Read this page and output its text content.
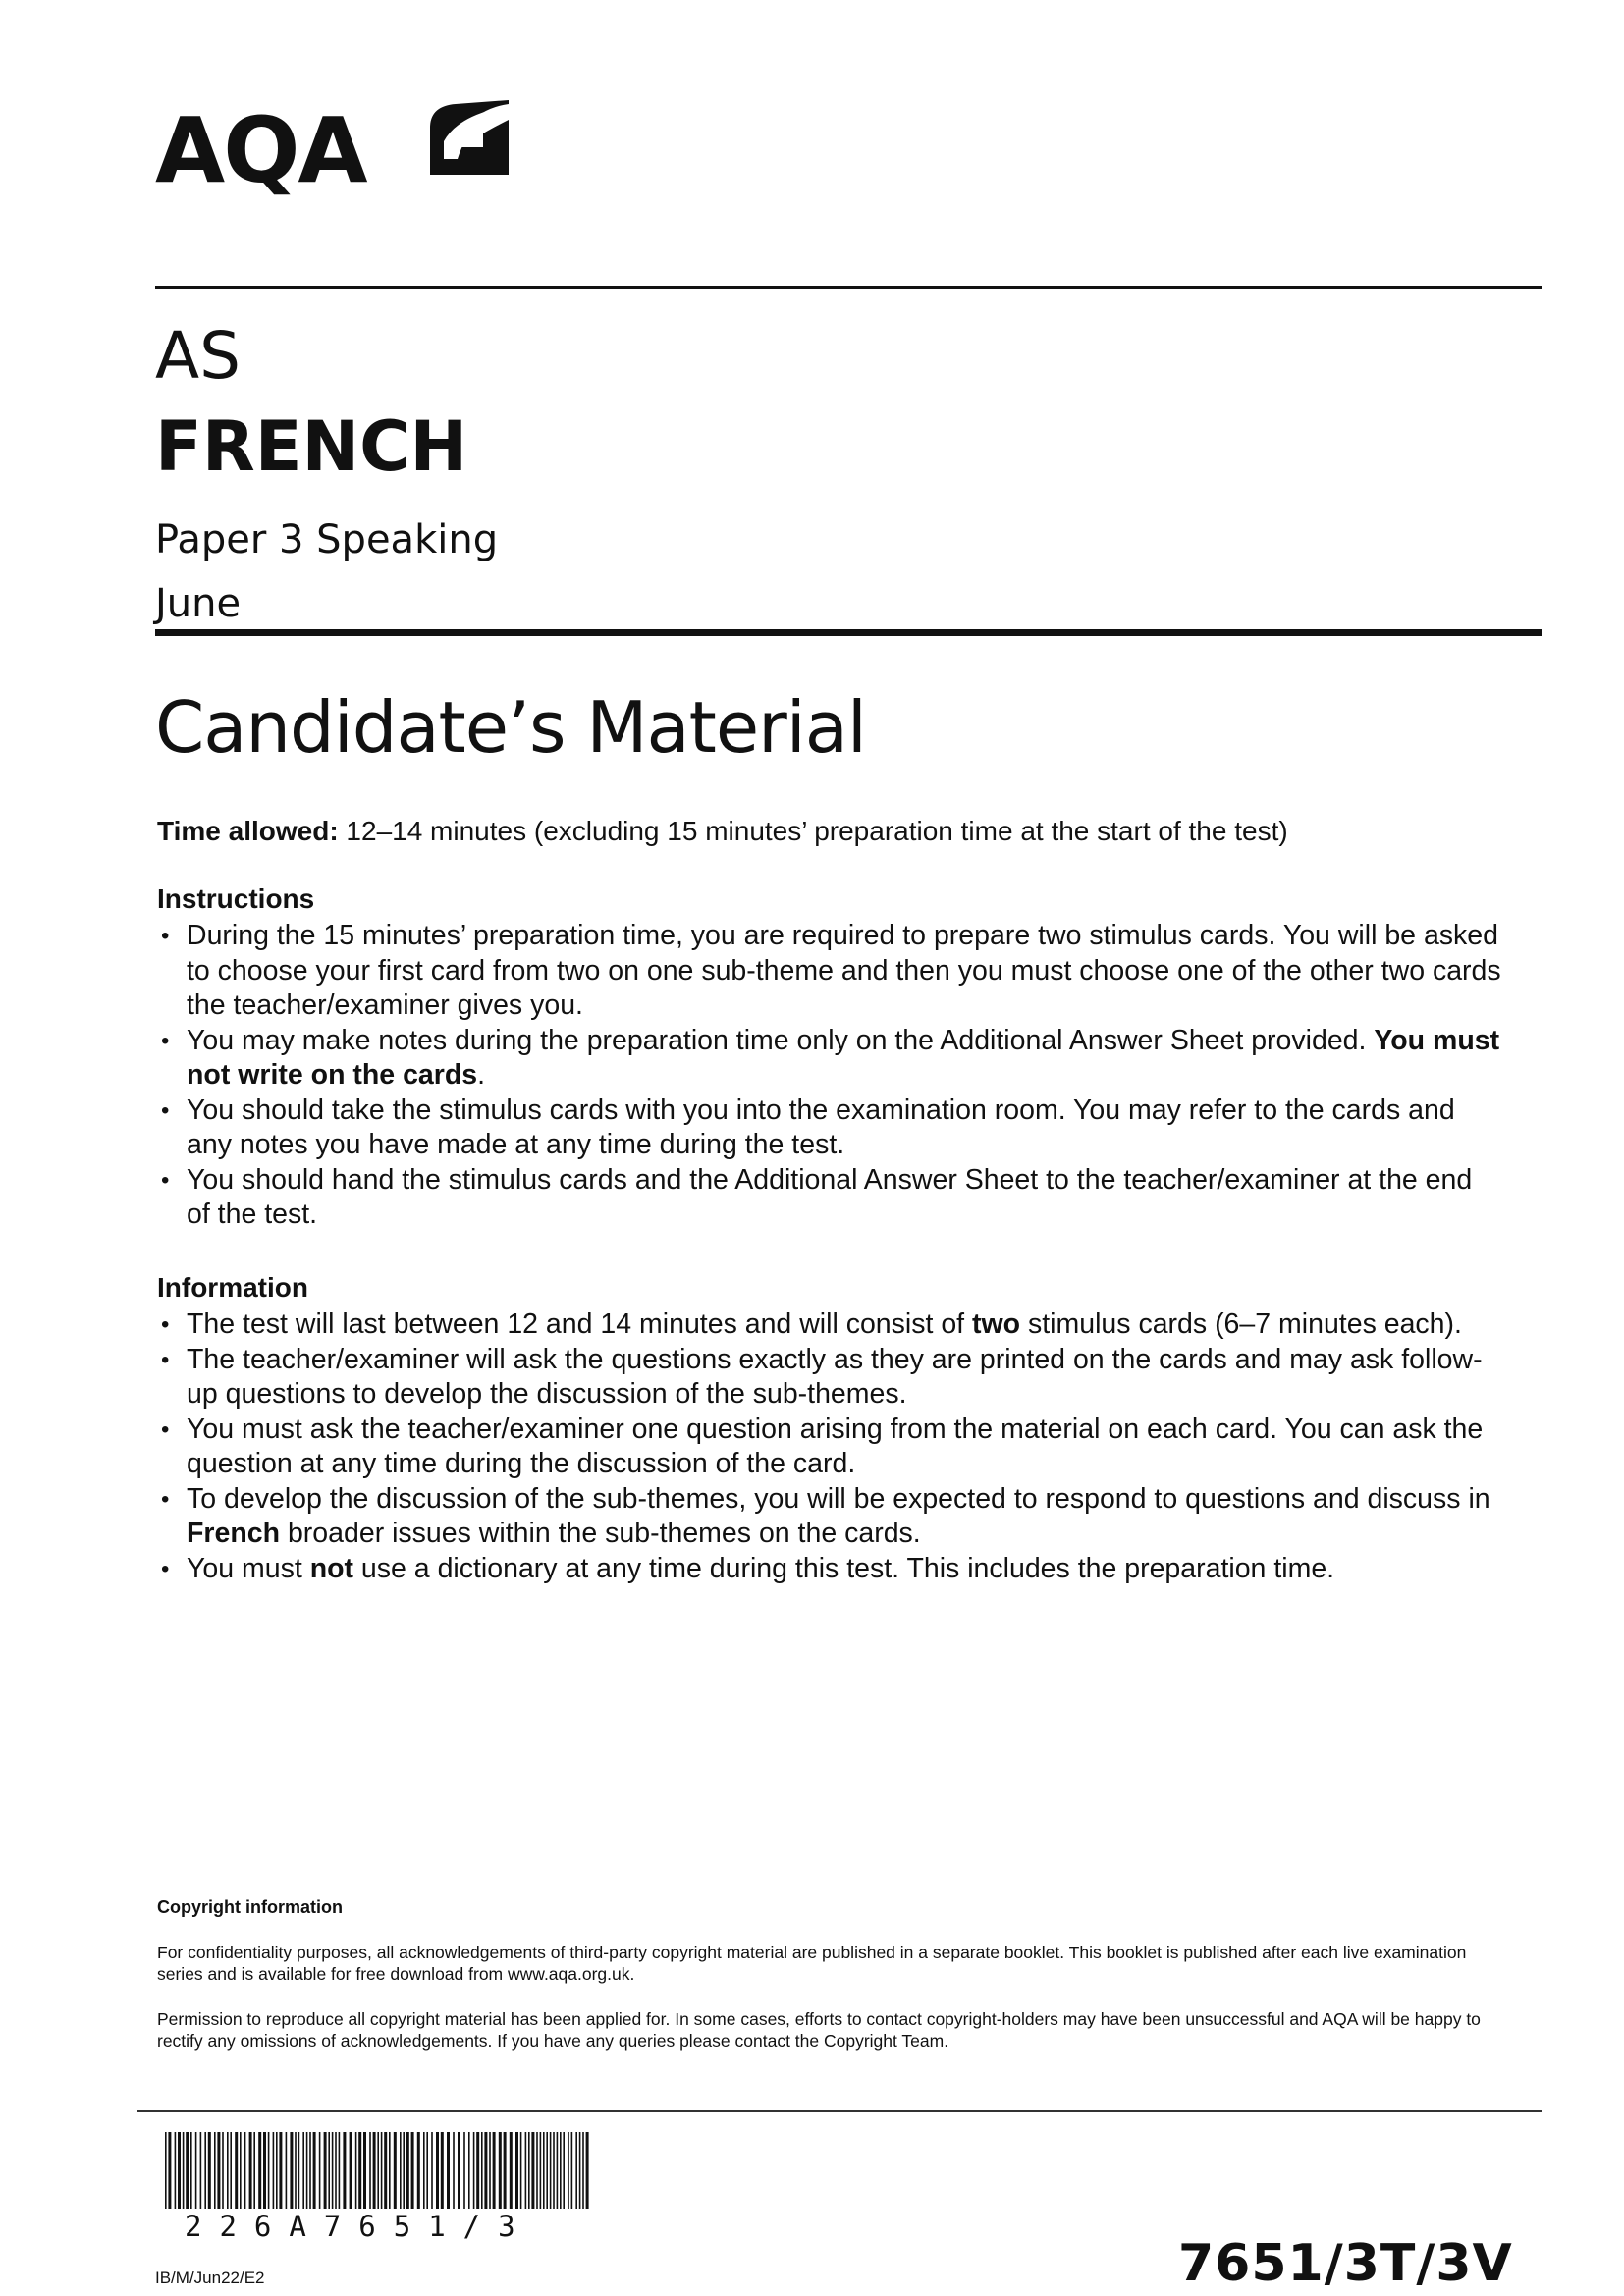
AQA
AS
FRENCH
Paper 3 Speaking
June
Candidate’s Material
Time allowed: 12–14 minutes (excluding 15 minutes’ preparation time at the start of the test)
Instructions
• During the 15 minutes’ preparation time, you are required to prepare two stimulus cards. You will be asked to choose your first card from two on one sub-theme and then you must choose one of the other two cards the teacher/examiner gives you.
• You may make notes during the preparation time only on the Additional Answer Sheet provided. You must not write on the cards.
• You should take the stimulus cards with you into the examination room. You may refer to the cards and any notes you have made at any time during the test.
• You should hand the stimulus cards and the Additional Answer Sheet to the teacher/examiner at the end of the test.
Information
• The test will last between 12 and 14 minutes and will consist of two stimulus cards (6–7 minutes each).
• The teacher/examiner will ask the questions exactly as they are printed on the cards and may ask follow-up questions to develop the discussion of the sub-themes.
• You must ask the teacher/examiner one question arising from the material on each card. You can ask the question at any time during the discussion of the card.
• To develop the discussion of the sub-themes, you will be expected to respond to questions and discuss in French broader issues within the sub-themes on the cards.
• You must not use a dictionary at any time during this test. This includes the preparation time.
Copyright information
For confidentiality purposes, all acknowledgements of third-party copyright material are published in a separate booklet. This booklet is published after each live examination series and is available for free download from www.aqa.org.uk.
Permission to reproduce all copyright material has been applied for. In some cases, efforts to contact copyright-holders may have been unsuccessful and AQA will be happy to rectify any omissions of acknowledgements. If you have any queries please contact the Copyright Team.
226A7651/3
IB/M/Jun22/E2	7651/3T/3V
